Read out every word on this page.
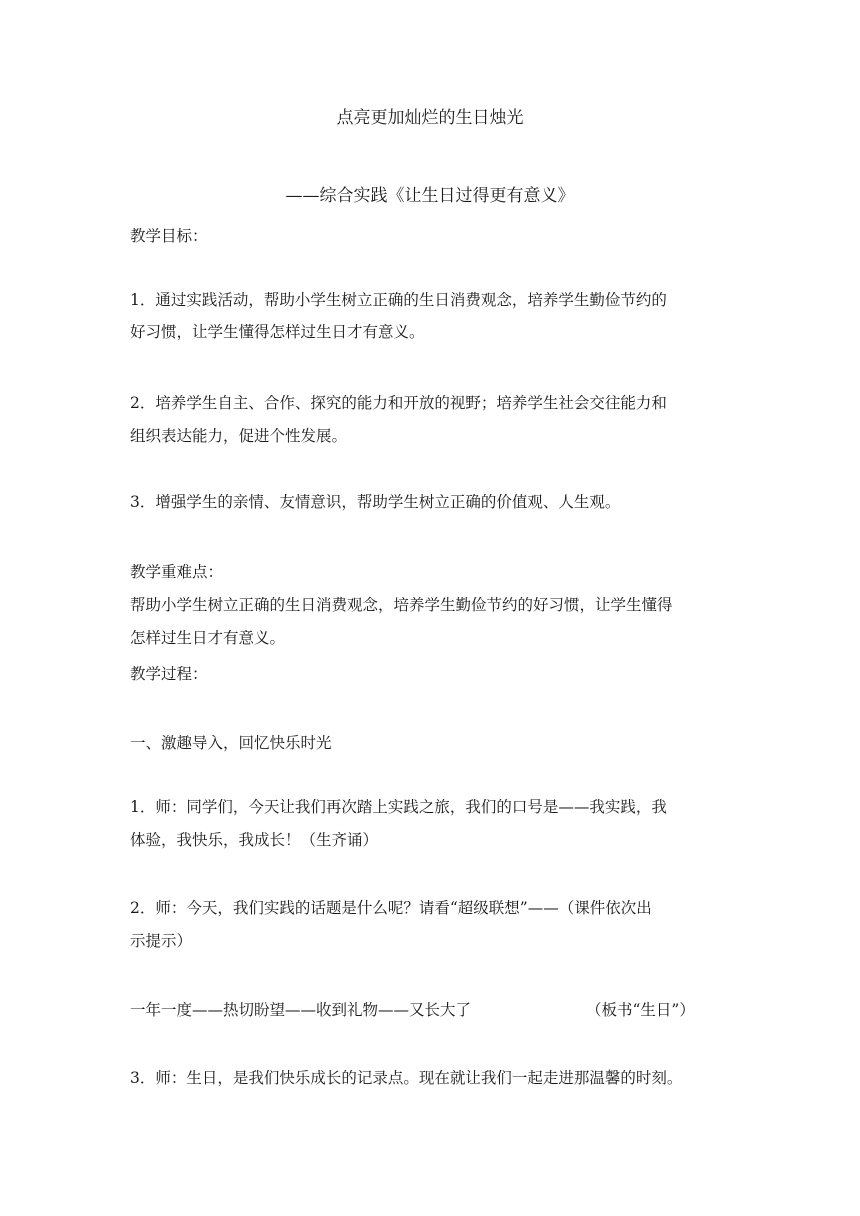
点亮更加灿烂的生日烛光
——综合实践《让生日过得更有意义》
教学目标：
1．通过实践活动，帮助小学生树立正确的生日消费观念，培养学生勤俭节约的
好习惯，让学生懂得怎样过生日才有意义。
2．培养学生自主、合作、探究的能力和开放的视野；培养学生社会交往能力和
组织表达能力，促进个性发展。
3．增强学生的亲情、友情意识，帮助学生树立正确的价值观、人生观。
教学重难点：
帮助小学生树立正确的生日消费观念，培养学生勤俭节约的好习惯，让学生懂得
怎样过生日才有意义。
教学过程：
一、激趣导入，回忆快乐时光
1．师：同学们，今天让我们再次踏上实践之旅，我们的口号是——我实践，我
体验，我快乐，我成长！（生齐诵）
2．师：今天，我们实践的话题是什么呢？请看“超级联想”——（课件依次出
示提示）
一年一度——热切盼望——收到礼物——又长大了	（板书“生日”）
3．师：生日，是我们快乐成长的记录点。现在就让我们一起走进那温馨的时刻。
